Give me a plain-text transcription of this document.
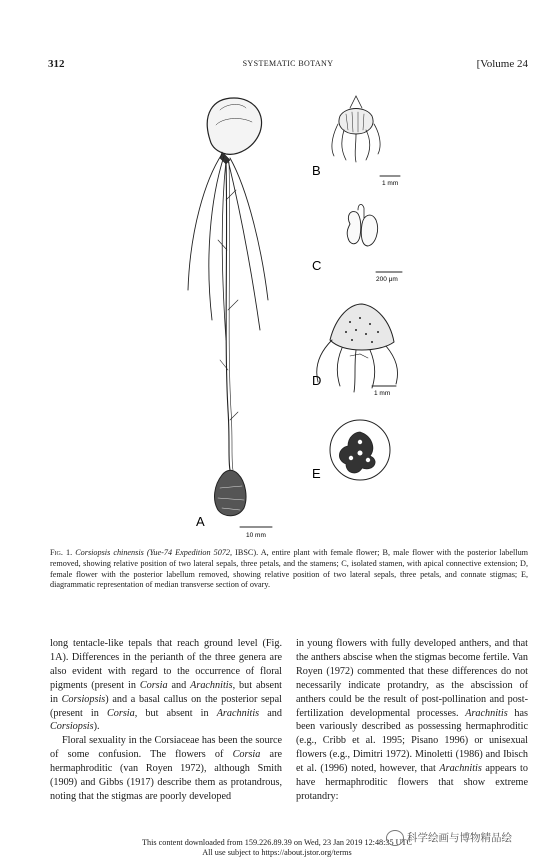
312	SYSTEMATIC BOTANY	[Volume 24
A
B
C
D
E
10 mm
1 mm
200 μm
1 mm
Fig. 1. Corsiopsis chinensis (Yue-74 Expedition 5072, IBSC). A, entire plant with female flower; B, male flower with the posterior labellum removed, showing relative position of two lateral sepals, three petals, and the stamens; C, isolated stamen, with apical connective extension; D, female flower with the posterior labellum removed, showing relative position of two lateral sepals, three petals, and connate stigmas; E, diagrammatic representation of median transverse section of ovary.

long tentacle-like tepals that reach ground level (Fig. 1A). Differences in the perianth of the three genera are also evident with regard to the occurrence of floral pigments (present in Corsia and Arachnitis, but absent in Corsiopsis) and a basal callus on the posterior sepal (present in Corsia, but absent in Arachnitis and Corsiopsis).

Floral sexuality in the Corsiaceae has been the source of some confusion. The flowers of Corsia are hermaphroditic (van Royen 1972), although Smith (1909) and Gibbs (1917) describe them as protandrous, noting that the stigmas are poorly developed

in young flowers with fully developed anthers, and that the anthers abscise when the stigmas become fertile. Van Royen (1972) commented that these differences do not necessarily indicate protandry, as the abscission of anthers could be the result of post-pollination and post-fertilization developmental processes. Arachnitis has been variously described as possessing hermaphroditic (e.g., Cribb et al. 1995; Pisano 1996) or unisexual flowers (e.g., Dimitri 1972). Minoletti (1986) and Ibisch et al. (1996) noted, however, that Arachnitis appears to have hermaphroditic flowers that show extreme protandry:

This content downloaded from 159.226.89.39 on Wed, 23 Jan 2019 12:48:35 UTC
All use subject to https://about.jstor.org/terms
科学绘画与博物精品绘
